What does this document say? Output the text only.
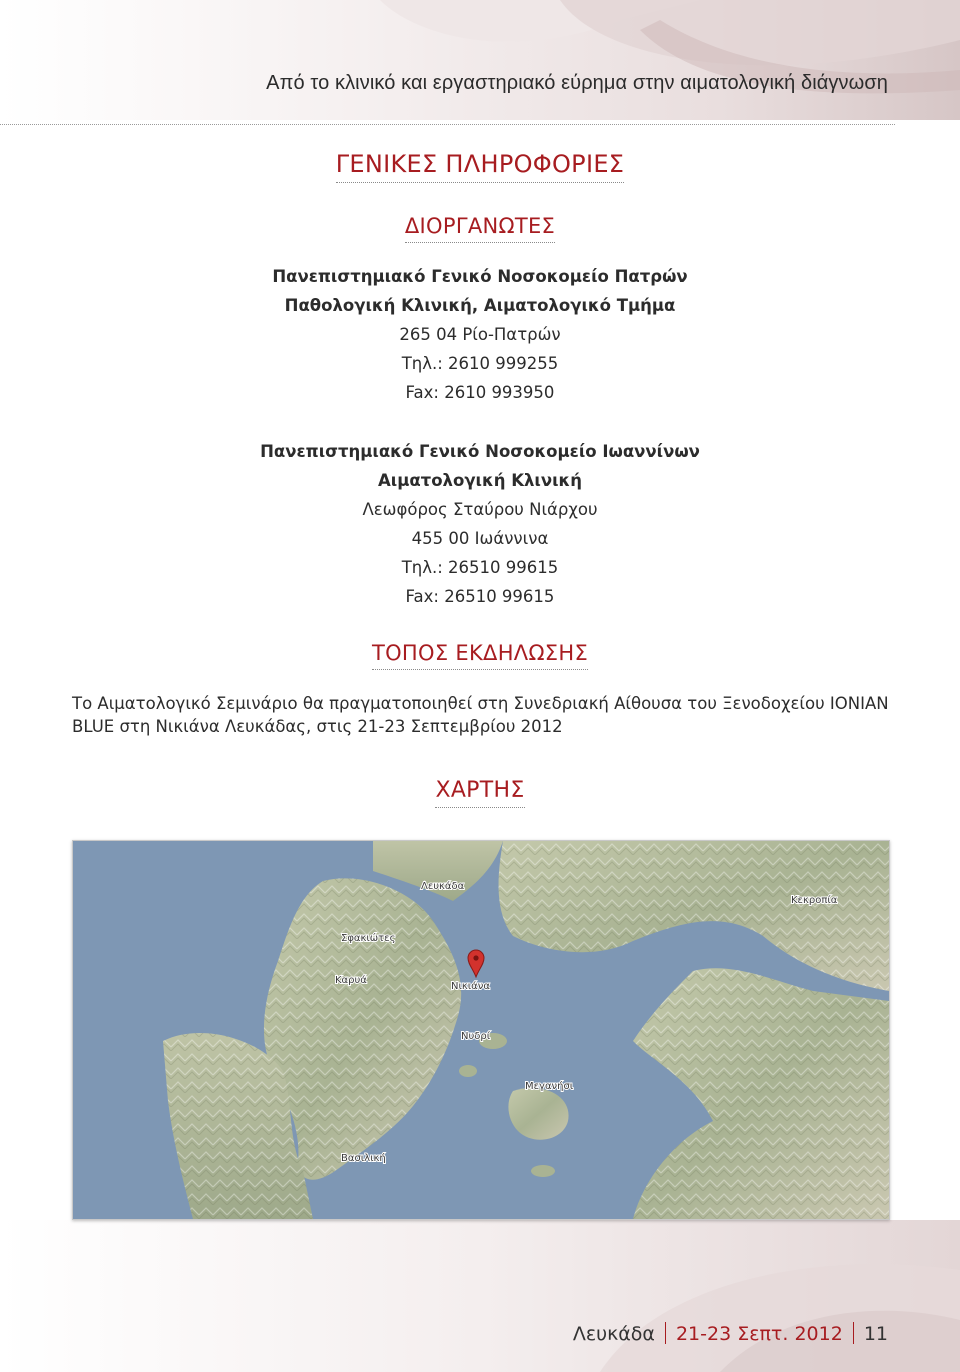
Από το κλινικό και εργαστηριακό εύρημα στην αιματολογική διάγνωση
ΓΕΝΙΚΕΣ ΠΛΗΡΟΦΟΡΙΕΣ
ΔΙΟΡΓΑΝΩΤΕΣ
Πανεπιστημιακό Γενικό Νοσοκομείο Πατρών
Παθολογική Κλινική, Αιματολογικό Τμήμα
265 04 Ρίο-Πατρών
Τηλ.: 2610 999255
Fax: 2610 993950
Πανεπιστημιακό Γενικό Νοσοκομείο Ιωαννίνων
Αιματολογική Κλινική
Λεωφόρος Σταύρου Νιάρχου
455 00 Ιωάννινα
Τηλ.: 26510 99615
Fax: 26510 99615
ΤΟΠΟΣ ΕΚΔΗΛΩΣΗΣ
Το Αιματολογικό Σεμινάριο θα πραγματοποιηθεί στη Συνεδριακή Αίθουσα του Ξενοδοχείου IONIAN BLUE στη Νικιάνα Λευκάδας, στις 21-23 Σεπτεμβρίου 2012
ΧΑΡΤΗΣ
Λευκάδα
Σφακιώτες
Καρυά
Νικιάνα
Νυδρί
Μεγανήσι
Βασιλική
Κεκροπία
Λευκάδα 21-23 Σεπτ. 2012 11
